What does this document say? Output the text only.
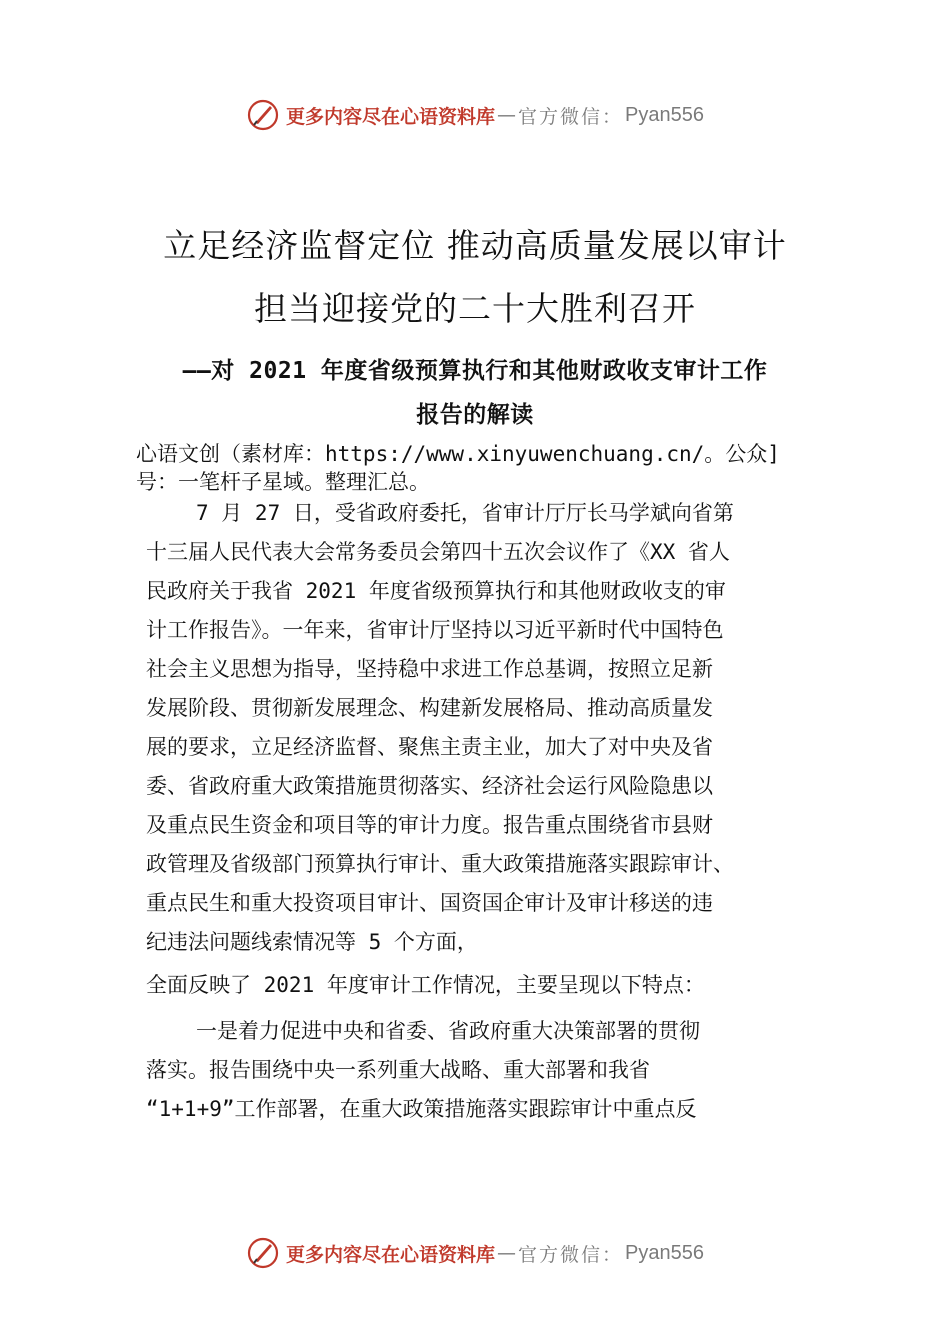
更多内容尽在心语资料库 — 官方微信： Pyan556
立足经济监督定位 推动高质量发展以审计
担当迎接党的二十大胜利召开
——对 2021 年度省级预算执行和其他财政收支审计工作
报告的解读
心语文创（素材库：https://www.xinyuwenchuang.cn/。公众]
号：一笔杆子星域。整理汇总。
7 月 27 日，受省政府委托，省审计厅厅长马学斌向省第
十三届人民代表大会常务委员会第四十五次会议作了《XX 省人
民政府关于我省 2021 年度省级预算执行和其他财政收支的审
计工作报告》。一年来，省审计厅坚持以习近平新时代中国特色
社会主义思想为指导，坚持稳中求进工作总基调，按照立足新
发展阶段、贯彻新发展理念、构建新发展格局、推动高质量发
展的要求，立足经济监督、聚焦主责主业，加大了对中央及省
委、省政府重大政策措施贯彻落实、经济社会运行风险隐患以
及重点民生资金和项目等的审计力度。报告重点围绕省市县财
政管理及省级部门预算执行审计、重大政策措施落实跟踪审计、
重点民生和重大投资项目审计、国资国企审计及审计移送的违
纪违法问题线索情况等 5 个方面，
全面反映了 2021 年度审计工作情况，主要呈现以下特点：
一是着力促进中央和省委、省政府重大决策部署的贯彻
落实。报告围绕中央一系列重大战略、重大部署和我省
“1+1+9”工作部署，在重大政策措施落实跟踪审计中重点反
更多内容尽在心语资料库 — 官方微信： Pyan556
